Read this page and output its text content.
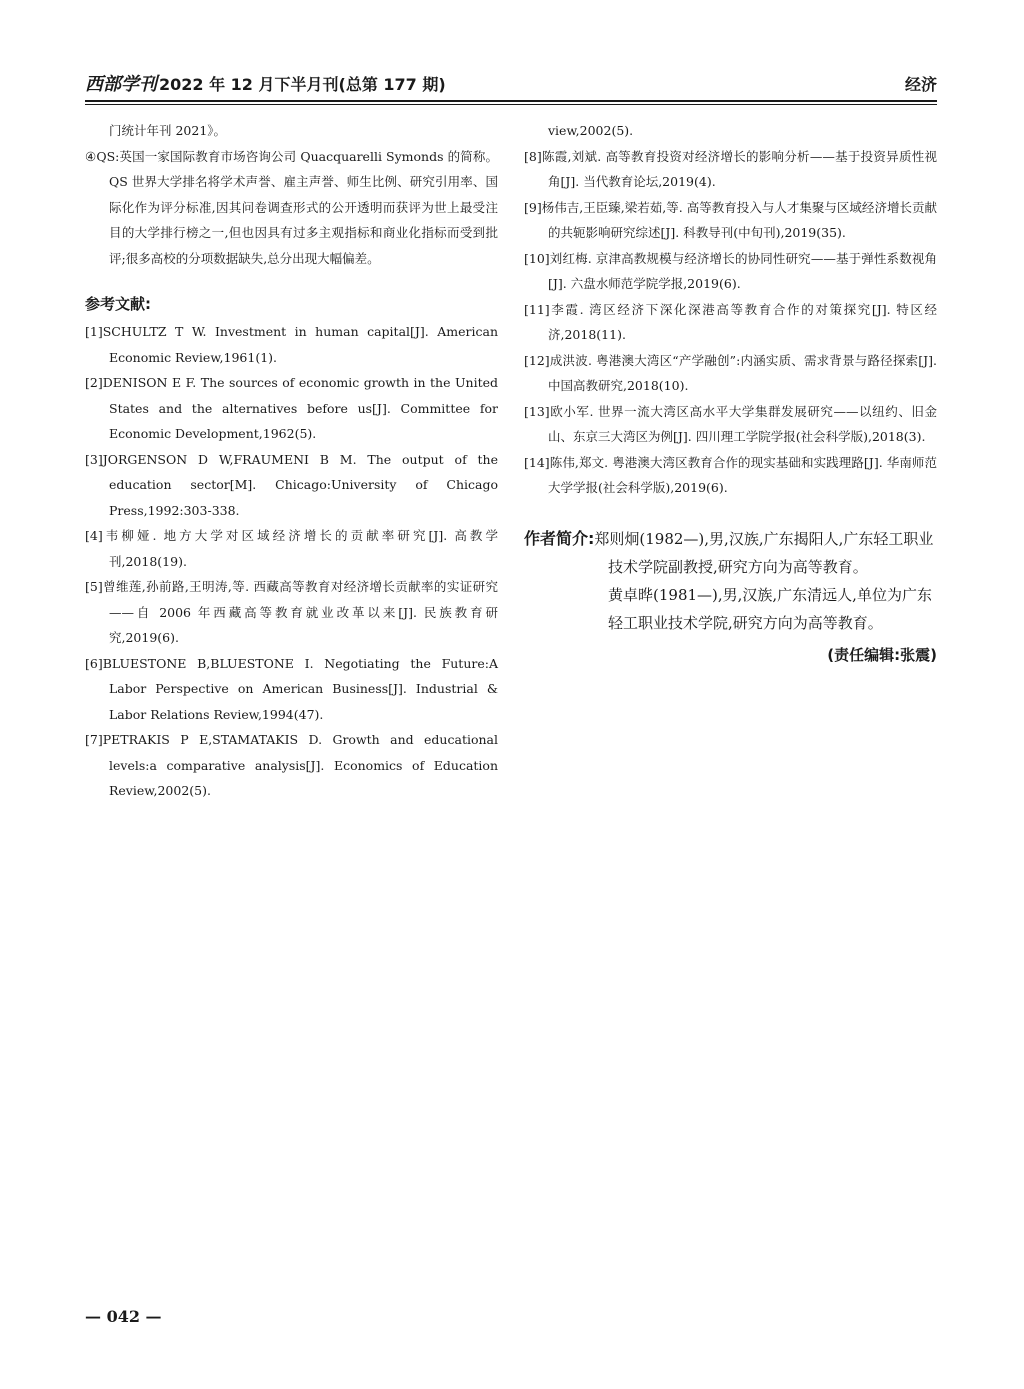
西部学刊 2022 年 12 月下半月刊(总第 177 期)	经济

门统计年刊 2021》。

④QS:英国一家国际教育市场咨询公司 Quacquarelli Symonds 的简称。QS 世界大学排名将学术声誉、雇主声誉、师生比例、研究引用率、国际化作为评分标准,因其问卷调查形式的公开透明而获评为世上最受注目的大学排行榜之一,但也因具有过多主观指标和商业化指标而受到批评;很多高校的分项数据缺失,总分出现大幅偏差。

参考文献:

[1]SCHULTZ T W. Investment in human capital[J]. American Economic Review,1961(1).

[2]DENISON E F. The sources of economic growth in the United States and the alternatives before us[J]. Committee for Economic Development,1962(5).

[3]JORGENSON D W,FRAUMENI B M. The output of the education sector[M]. Chicago:University of Chicago Press,1992:303-338.

[4]韦柳娅. 地方大学对区域经济增长的贡献率研究[J]. 高教学刊,2018(19).

[5]曾维莲,孙前路,王明涛,等. 西藏高等教育对经济增长贡献率的实证研究——自 2006 年西藏高等教育就业改革以来[J]. 民族教育研究,2019(6).

[6]BLUESTONE B,BLUESTONE I. Negotiating the Future:A Labor Perspective on American Business[J]. Industrial & Labor Relations Review,1994(47).

[7]PETRAKIS P E,STAMATAKIS D. Growth and educational levels:a comparative analysis[J]. Economics of Education Review,2002(5).

view,2002(5).

[8]陈霞,刘斌. 高等教育投资对经济增长的影响分析——基于投资异质性视角[J]. 当代教育论坛,2019(4).

[9]杨伟吉,王臣臻,梁若茹,等. 高等教育投入与人才集聚与区域经济增长贡献的共轭影响研究综述[J]. 科教导刊(中旬刊),2019(35).

[10]刘红梅. 京津高教规模与经济增长的协同性研究——基于弹性系数视角[J]. 六盘水师范学院学报,2019(6).

[11]李霞. 湾区经济下深化深港高等教育合作的对策探究[J]. 特区经济,2018(11).

[12]成洪波. 粤港澳大湾区“产学融创”:内涵实质、需求背景与路径探索[J]. 中国高教研究,2018(10).

[13]欧小军. 世界一流大湾区高水平大学集群发展研究——以纽约、旧金山、东京三大湾区为例[J]. 四川理工学院学报(社会科学版),2018(3).

[14]陈伟,郑文. 粤港澳大湾区教育合作的现实基础和实践理路[J]. 华南师范大学学报(社会科学版),2019(6).

作者简介:郑则炯(1982—),男,汉族,广东揭阳人,广东轻工职业技术学院副教授,研究方向为高等教育。

黄卓晔(1981—),男,汉族,广东清远人,单位为广东轻工职业技术学院,研究方向为高等教育。

(责任编辑:张震)
— 042 —
